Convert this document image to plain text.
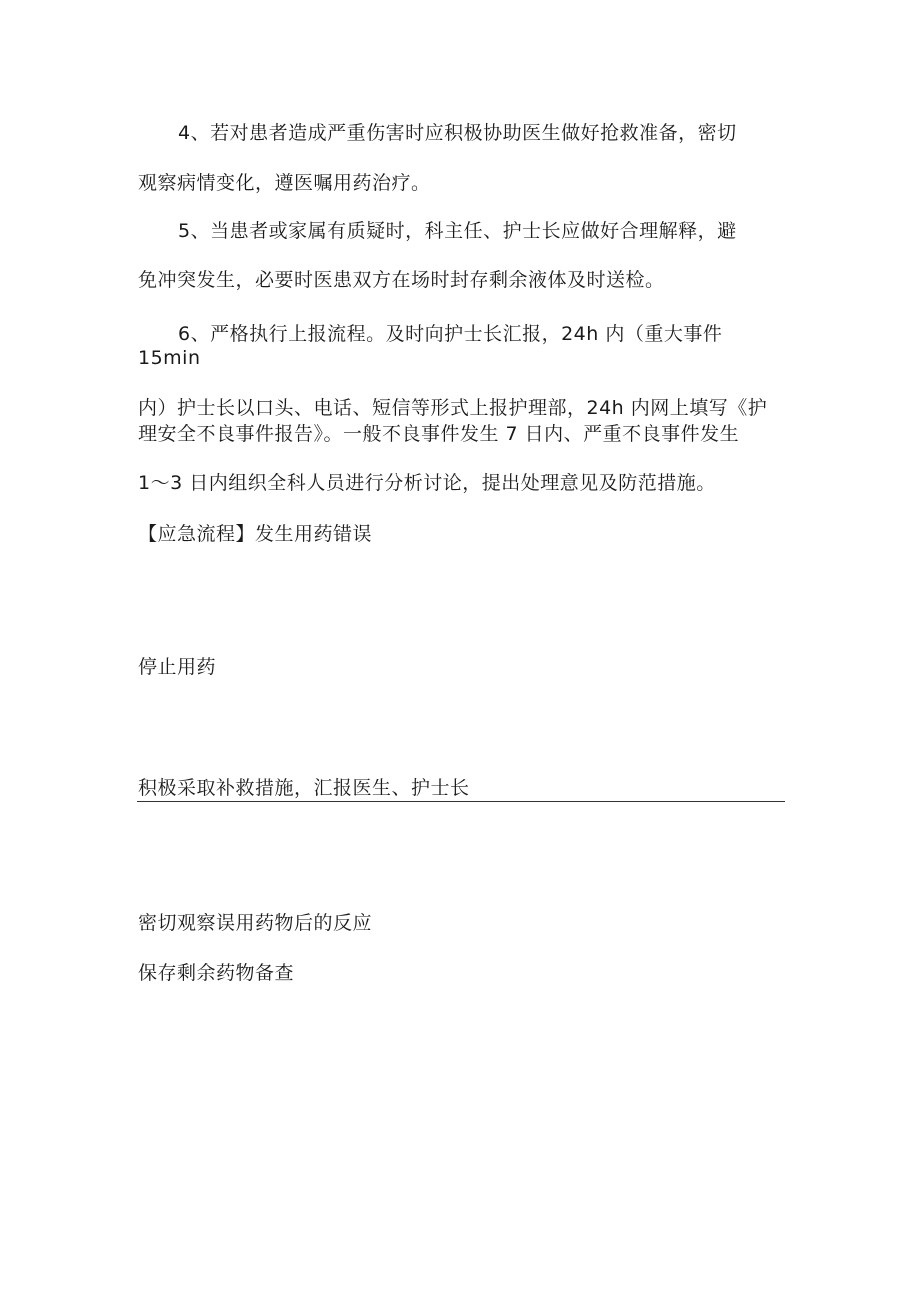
4、若对患者造成严重伤害时应积极协助医生做好抢救准备，密切
观察病情变化，遵医嘱用药治疗。
5、当患者或家属有质疑时，科主任、护士长应做好合理解释，避
免冲突发生，必要时医患双方在场时封存剩余液体及时送检。
6、严格执行上报流程。及时向护士长汇报，24h 内（重大事件
15min
内）护士长以口头、电话、短信等形式上报护理部，24h 内网上填写《护
理安全不良事件报告》。一般不良事件发生 7 日内、严重不良事件发生
1～3 日内组织全科人员进行分析讨论，提出处理意见及防范措施。
【应急流程】发生用药错误
停止用药
积极采取补救措施，汇报医生、护士长
密切观察误用药物后的反应
保存剩余药物备查
